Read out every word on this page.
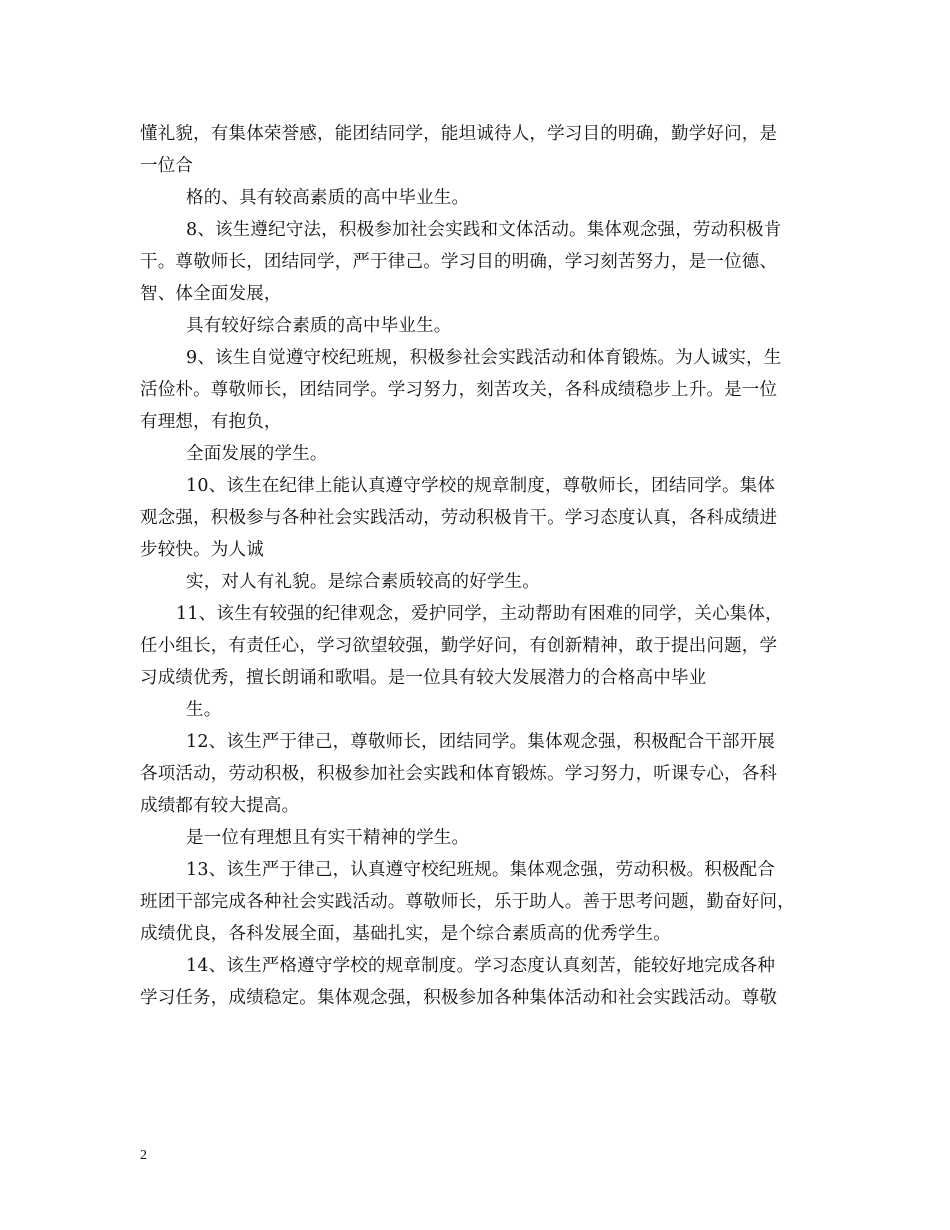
懂礼貌，有集体荣誉感，能团结同学，能坦诚待人，学习目的明确，勤学好问，是
一位合
格的、具有较高素质的高中毕业生。
8、该生遵纪守法，积极参加社会实践和文体活动。集体观念强，劳动积极肯
干。尊敬师长，团结同学，严于律己。学习目的明确，学习刻苦努力，是一位德、
智、体全面发展，
具有较好综合素质的高中毕业生。
9、该生自觉遵守校纪班规，积极参社会实践活动和体育锻炼。为人诚实，生
活俭朴。尊敬师长，团结同学。学习努力，刻苦攻关，各科成绩稳步上升。是一位
有理想，有抱负，
全面发展的学生。
10、该生在纪律上能认真遵守学校的规章制度，尊敬师长，团结同学。集体
观念强，积极参与各种社会实践活动，劳动积极肯干。学习态度认真，各科成绩进
步较快。为人诚
实，对人有礼貌。是综合素质较高的好学生。
11、该生有较强的纪律观念，爱护同学，主动帮助有困难的同学，关心集体，
任小组长，有责任心，学习欲望较强，勤学好问，有创新精神，敢于提出问题，学
习成绩优秀，擅长朗诵和歌唱。是一位具有较大发展潜力的合格高中毕业
生。
12、该生严于律己，尊敬师长，团结同学。集体观念强，积极配合干部开展
各项活动，劳动积极，积极参加社会实践和体育锻炼。学习努力，听课专心，各科
成绩都有较大提高。
是一位有理想且有实干精神的学生。
13、该生严于律己，认真遵守校纪班规。集体观念强，劳动积极。积极配合
班团干部完成各种社会实践活动。尊敬师长，乐于助人。善于思考问题，勤奋好问，
成绩优良，各科发展全面，基础扎实，是个综合素质高的优秀学生。
14、该生严格遵守学校的规章制度。学习态度认真刻苦，能较好地完成各种
学习任务，成绩稳定。集体观念强，积极参加各种集体活动和社会实践活动。尊敬
2
